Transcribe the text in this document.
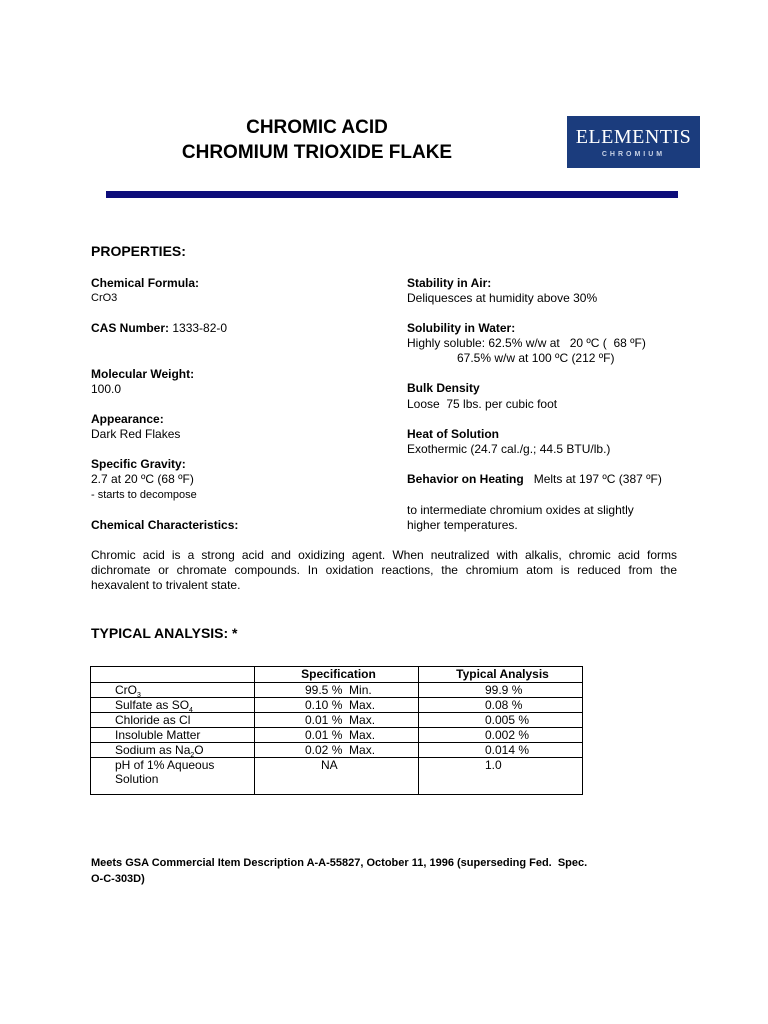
CHROMIC ACID
CHROMIUM TRIOXIDE FLAKE
ELEMENTIS
CHROMIUM
PROPERTIES:
Chemical Formula:
CrO3
CAS Number: 1333-82-0
Molecular Weight:
100.0
Appearance:
Dark Red Flakes
Specific Gravity:
2.7 at 20 ºC (68 ºF)
- starts to decompose
Chemical Characteristics:
Stability in Air:
Deliquesces at humidity above 30%
Solubility in Water:
Highly soluble: 62.5% w/w at   20 ºC (  68 ºF)
67.5% w/w at 100 ºC (212 ºF)
Bulk Density
Loose  75 lbs. per cubic foot
Heat of Solution
Exothermic (24.7 cal./g.; 44.5 BTU/lb.)
Behavior on Heating Melts at 197 ºC (387 ºF)
to intermediate chromium oxides at slightly
higher temperatures.
Chromic acid is a strong acid and oxidizing agent. When neutralized with alkalis, chromic acid forms dichromate or chromate compounds. In oxidation reactions, the chromium atom is reduced from the hexavalent to trivalent state.
TYPICAL ANALYSIS: *
	Specification	Typical Analysis
CrO$_3$	99.5 %  Min.	99.9 %
Sulfate as $SO_4$	0.10 %  Max.	0.08 %
Chloride as Cl	0.01 %  Max.	0.005 %
Insoluble Matter	0.01 %  Max.	0.002 %
Sodium as $Na_2O$	0.02 %  Max.	0.014 %

pH of 1% Aqueous
Solution	NA	1.0
Meets GSA Commercial Item Description A-A-55827, October 11, 1996 (superseding Fed.  Spec.
O-C-303D)
